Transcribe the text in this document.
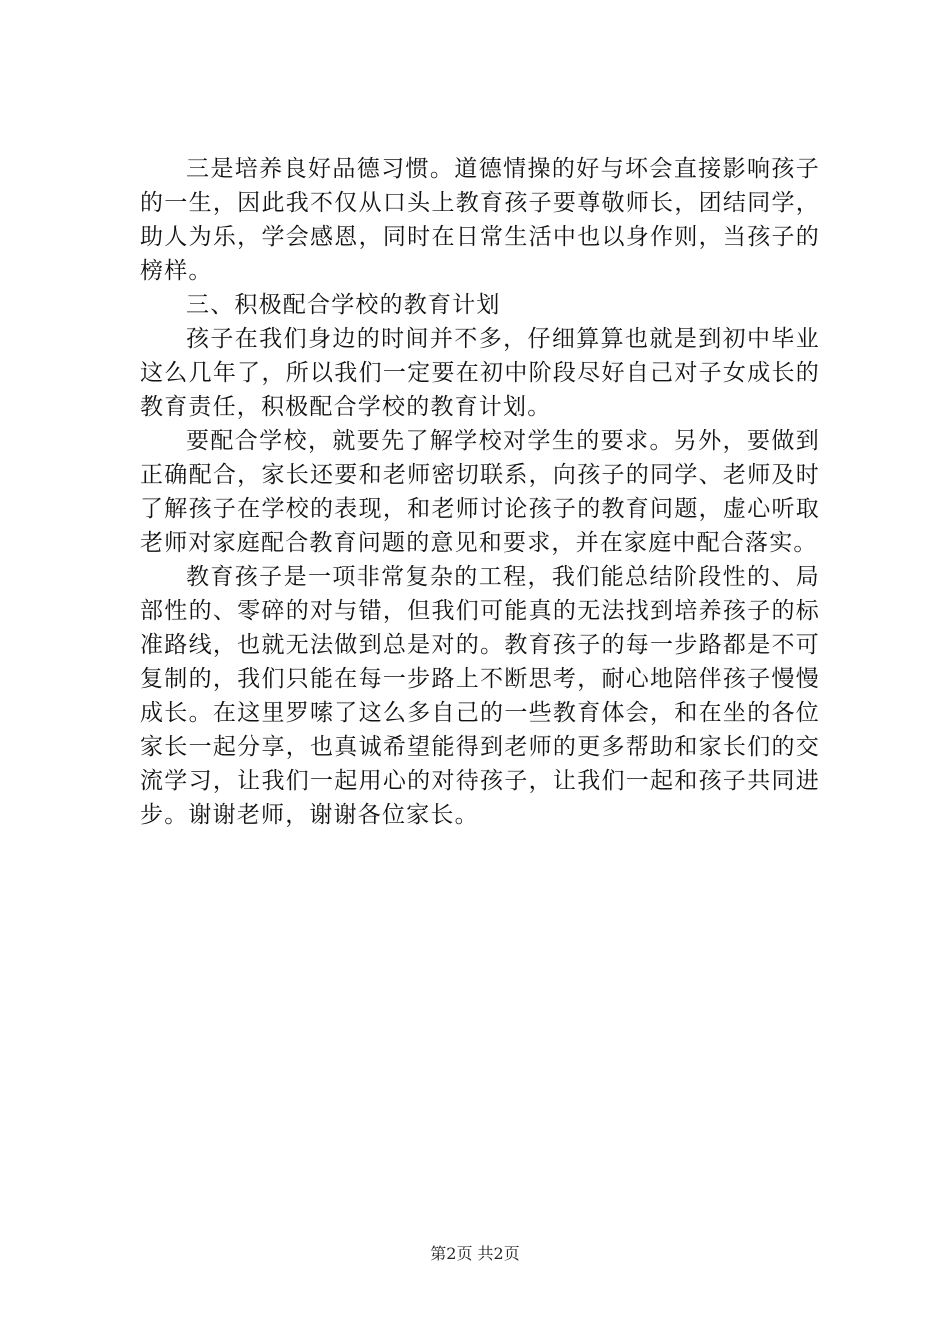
三是培养良好品德习惯。道德情操的好与坏会直接影响孩子的一生，因此我不仅从口头上教育孩子要尊敬师长，团结同学，助人为乐，学会感恩，同时在日常生活中也以身作则，当孩子的榜样。

三、积极配合学校的教育计划

孩子在我们身边的时间并不多，仔细算算也就是到初中毕业这么几年了，所以我们一定要在初中阶段尽好自己对子女成长的教育责任，积极配合学校的教育计划。

要配合学校，就要先了解学校对学生的要求。另外，要做到正确配合，家长还要和老师密切联系，向孩子的同学、老师及时了解孩子在学校的表现，和老师讨论孩子的教育问题，虚心听取老师对家庭配合教育问题的意见和要求，并在家庭中配合落实。

教育孩子是一项非常复杂的工程，我们能总结阶段性的、局部性的、零碎的对与错，但我们可能真的无法找到培养孩子的标准路线，也就无法做到总是对的。教育孩子的每一步路都是不可复制的，我们只能在每一步路上不断思考，耐心地陪伴孩子慢慢成长。在这里罗嗦了这么多自己的一些教育体会，和在坐的各位家长一起分享，也真诚希望能得到老师的更多帮助和家长们的交流学习，让我们一起用心的对待孩子，让我们一起和孩子共同进步。谢谢老师，谢谢各位家长。

第2页 共2页
